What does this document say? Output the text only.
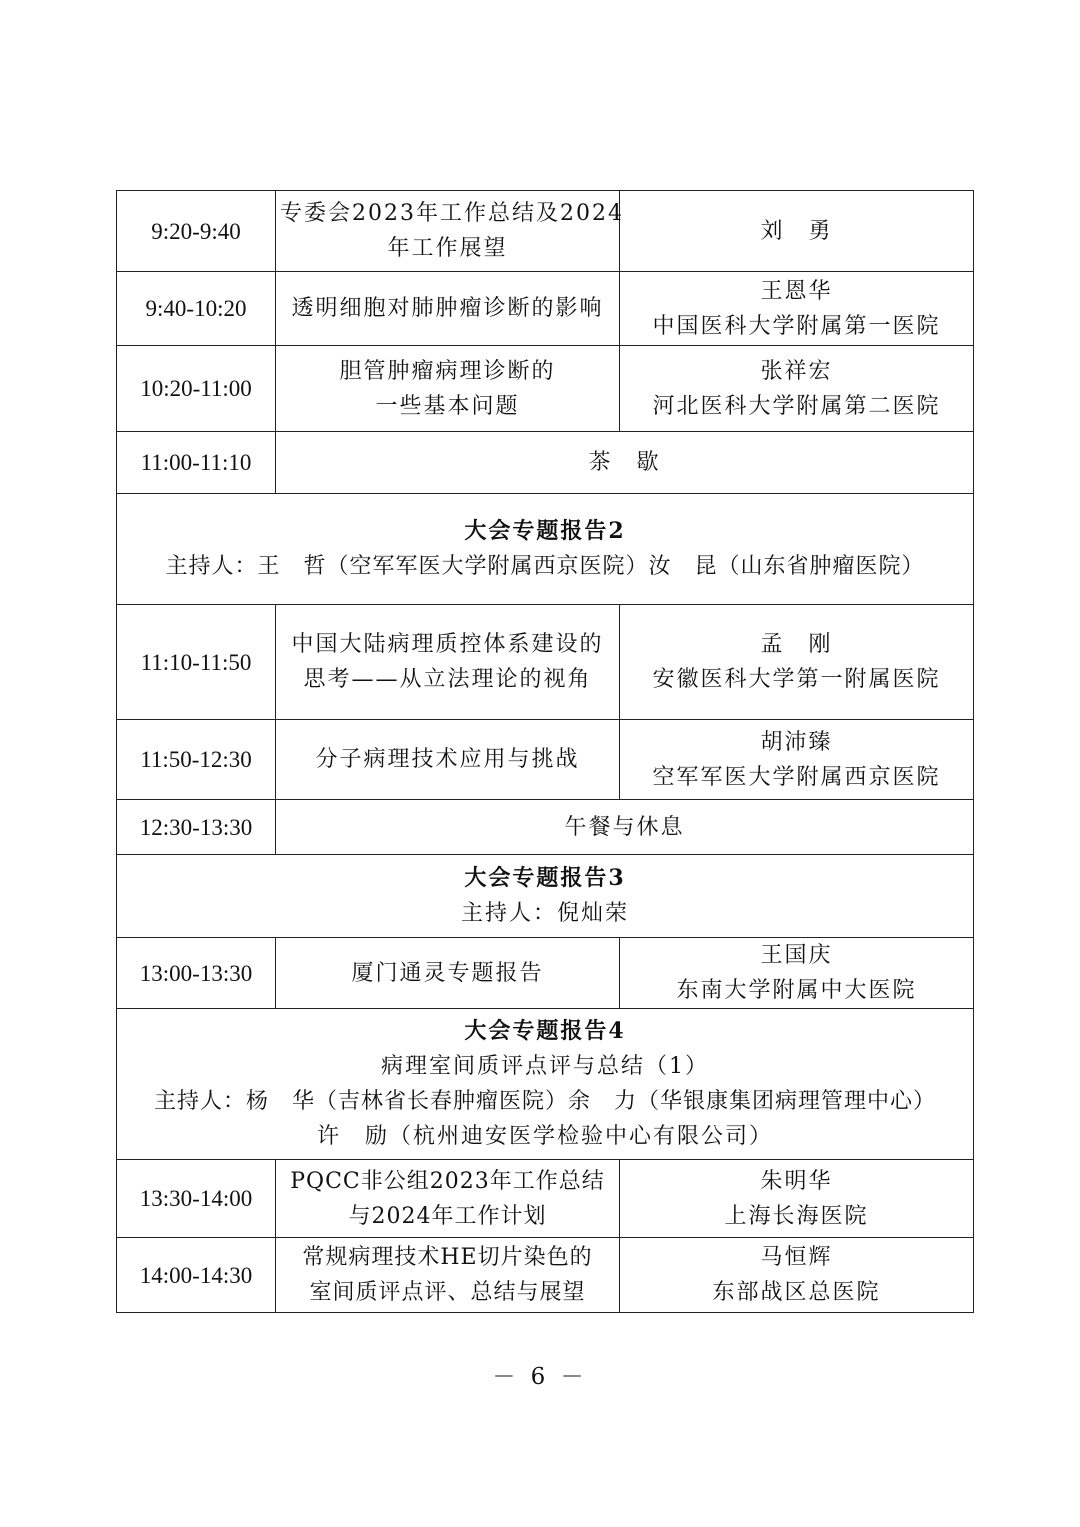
9:20-9:40	专委会2023年工作总结及2024
年工作展望	刘　勇

9:40-10:20	透明细胞对肺肿瘤诊断的影响	王恩华
中国医科大学附属第一医院

10:20-11:00	胆管肿瘤病理诊断的
一些基本问题	张祥宏
河北医科大学附属第二医院

11:00-11:10	茶　歇	

大会专题报告2
主持人：王　哲（空军军医大学附属西京医院）汝　昆（山东省肿瘤医院）		

11:10-11:50	中国大陆病理质控体系建设的
思考——从立法理论的视角	孟　刚
安徽医科大学第一附属医院

11:50-12:30	分子病理技术应用与挑战	胡沛臻
空军军医大学附属西京医院

12:30-13:30	午餐与休息	

大会专题报告3
主持人：倪灿荣		

13:00-13:30	厦门通灵专题报告	王国庆
东南大学附属中大医院

大会专题报告4
病理室间质评点评与总结（1）
主持人：杨　华（吉林省长春肿瘤医院）余　力（华银康集团病理管理中心）
许　励（杭州迪安医学检验中心有限公司）		

13:30-14:00	PQCC非公组2023年工作总结
与2024年工作计划	朱明华
上海长海医院

14:00-14:30	常规病理技术HE切片染色的
室间质评点评、总结与展望	马恒辉
东部战区总医院
－ 6 －
